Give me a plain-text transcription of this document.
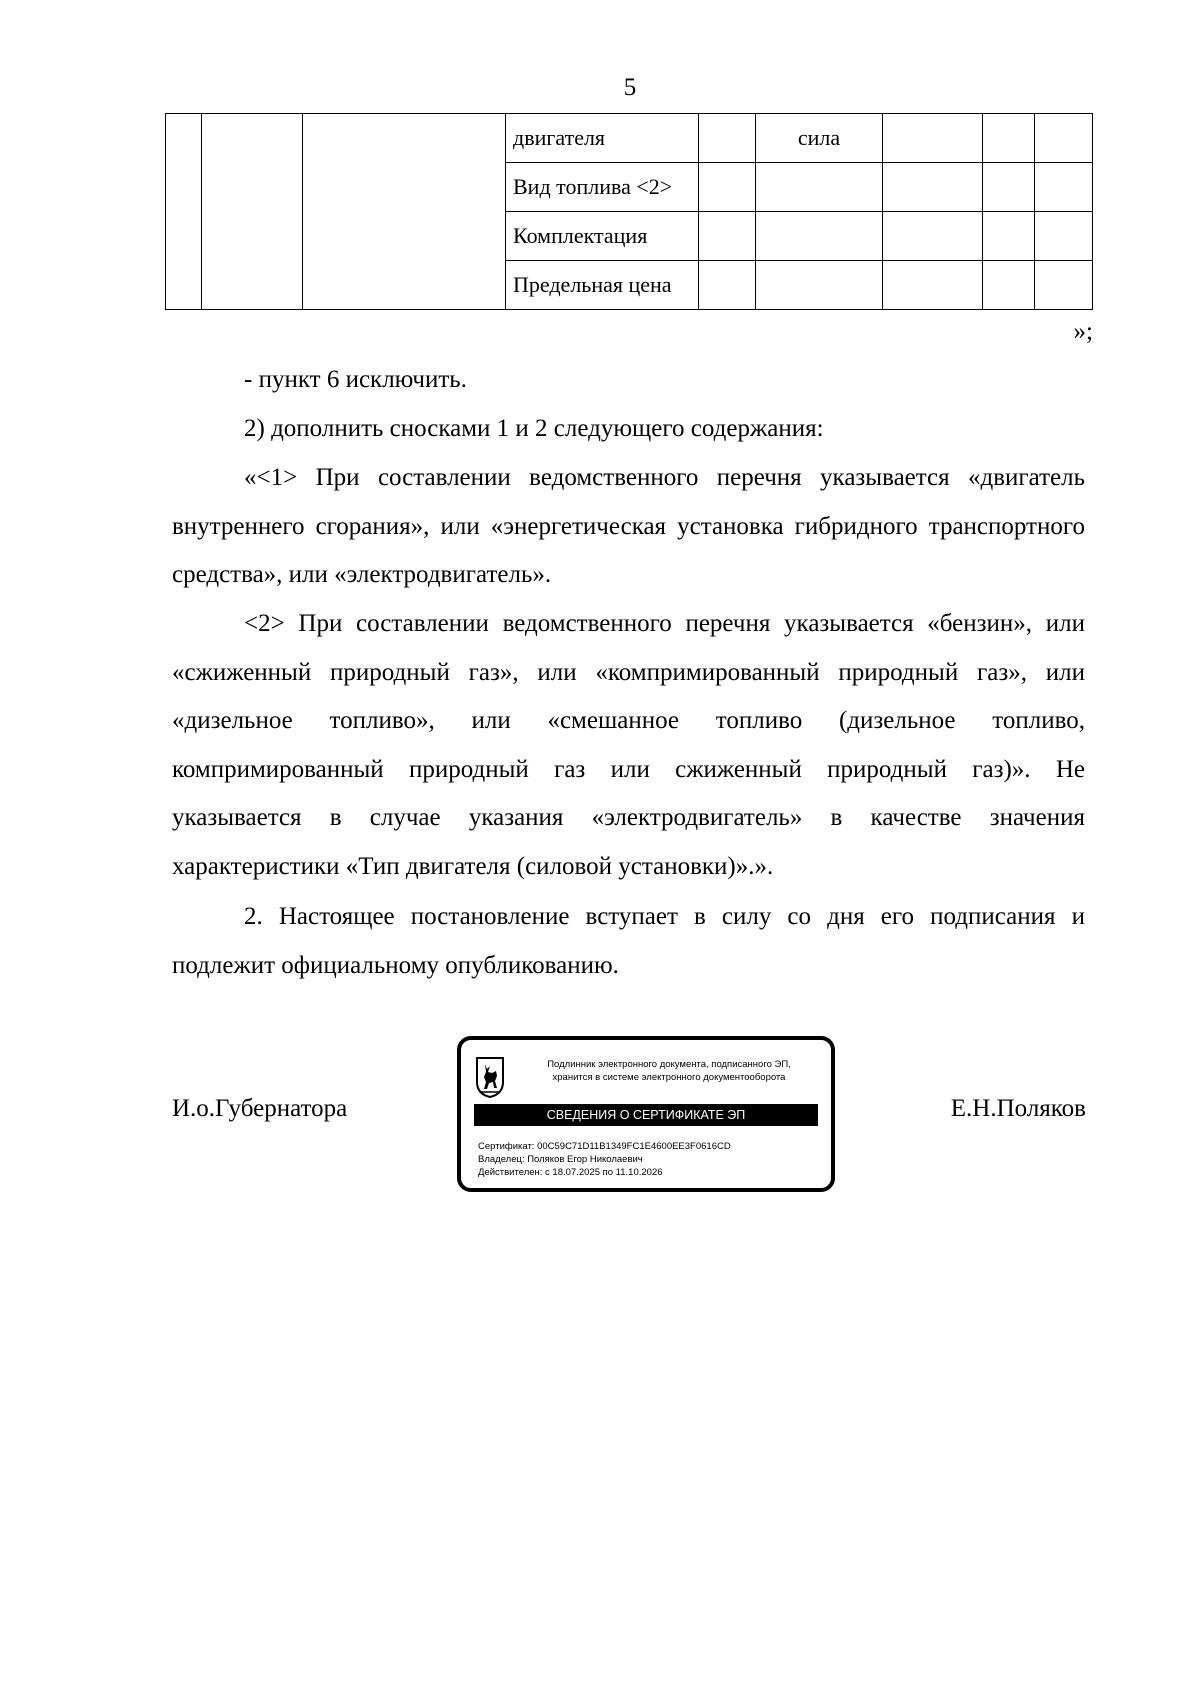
5
			двигателя		сила			
			Вид топлива <2>					
			Комплектация					
			Предельная цена					
»;

- пункт 6 исключить.

2) дополнить сносками 1 и 2 следующего содержания:

«<1> При составлении ведомственного перечня указывается «двигатель внутреннего сгорания», или «энергетическая установка гибридного транспортного средства», или «электродвигатель».

<2> При составлении ведомственного перечня указывается «бензин», или «сжиженный природный газ», или «компримированный природный газ», или «дизельное топливо», или «смешанное топливо (дизельное топливо, компримированный природный газ или сжиженный природный газ)». Не указывается в случае указания «электродвигатель» в качестве значения характеристики «Тип двигателя (силовой установки)».».

2. Настоящее постановление вступает в силу со дня его подписания и подлежит официальному опубликованию.

И.о.Губернатора	Е.Н.Поляков
Подлинник электронного документа, подписанного ЭП,
хранится в системе электронного документооборота
СВЕДЕНИЯ О СЕРТИФИКАТЕ ЭП
Сертификат: 00C59C71D11B1349FC1E4600EE3F0616CD
Владелец: Поляков Егор Николаевич
Действителен: с 18.07.2025 по 11.10.2026
